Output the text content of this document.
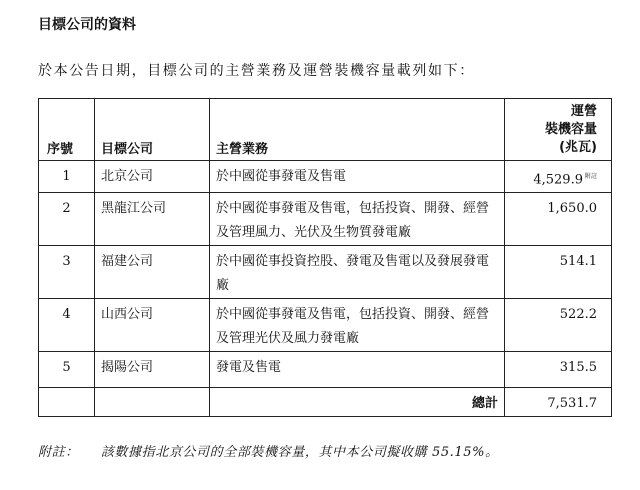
目標公司的資料
於本公告日期，目標公司的主營業務及運營裝機容量載列如下：
序號	目標公司	主營業務	運營
裝機容量
(兆瓦)

1	北京公司	於中國從事發電及售電	4,529.9 $^{附註}$
2	黑龍江公司	於中國從事發電及售電，包括投資、開發、經營及管理風力、光伏及生物質發電廠	1,650.0
3	福建公司	於中國從事投資控股、發電及售電以及發展發電廠	514.1
4	山西公司	於中國從事發電及售電，包括投資、開發、經營及管理光伏及風力發電廠	522.2
5	揭陽公司	發電及售電	315.5
		總計	7,531.7
附註： 該數據指北京公司的全部裝機容量，其中本公司擬收購 55.15%。
